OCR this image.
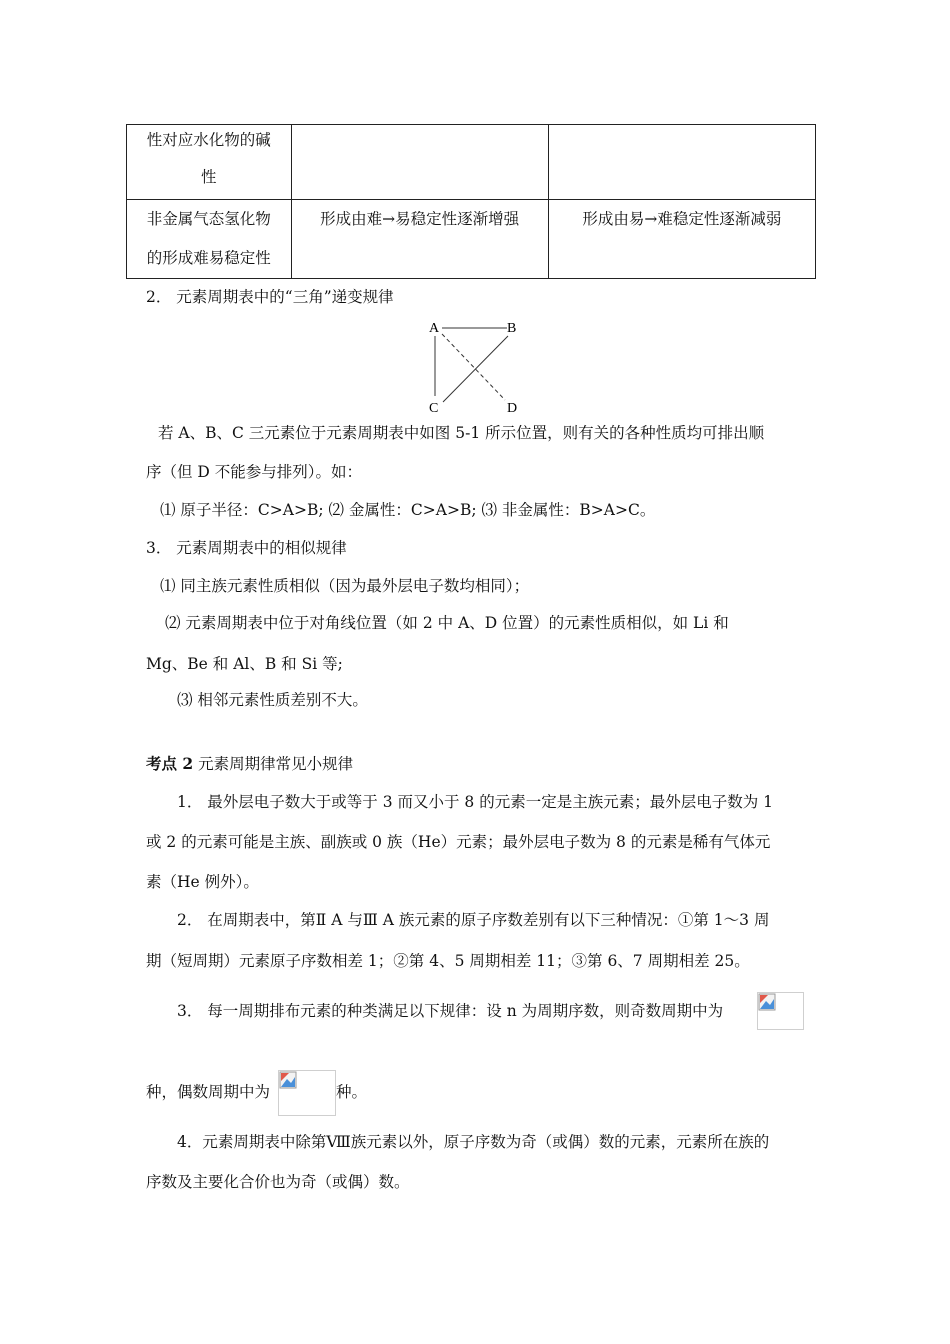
性对应水化物的碱
性		

非金属气态氢化物
的形成难易稳定性	形成由难→易稳定性逐渐增强	形成由易→难稳定性逐渐减弱
2． 元素周期表中的“三角”递变规律
A	B
C	D
若 A、B、C 三元素位于元素周期表中如图 5-1 所示位置，则有关的各种性质均可排出顺
序（但 D 不能参与排列）。如：
⑴ 原子半径：C>A>B; ⑵ 金属性：C>A>B; ⑶ 非金属性：B>A>C。
3． 元素周期表中的相似规律
⑴ 同主族元素性质相似（因为最外层电子数均相同）；
⑵ 元素周期表中位于对角线位置（如 2 中 A、D 位置）的元素性质相似，如 Li 和
Mg、Be 和 Al、B 和 Si 等;
⑶ 相邻元素性质差别不大。
考点 2 元素周期律常见小规律
1． 最外层电子数大于或等于 3 而又小于 8 的元素一定是主族元素；最外层电子数为 1
或 2 的元素可能是主族、副族或 0 族（He）元素；最外层电子数为 8 的元素是稀有气体元
素（He 例外）。
2． 在周期表中，第Ⅱ A 与Ⅲ A 族元素的原子序数差别有以下三种情况：①第 1～3 周
期（短周期）元素原子序数相差 1；②第 4、5 周期相差 11；③第 6、7 周期相差 25。
3． 每一周期排布元素的种类满足以下规律：设 n 为周期序数，则奇数周期中为
种，偶数周期中为	种。
4．元素周期表中除第Ⅷ族元素以外，原子序数为奇（或偶）数的元素，元素所在族的
序数及主要化合价也为奇（或偶）数。
